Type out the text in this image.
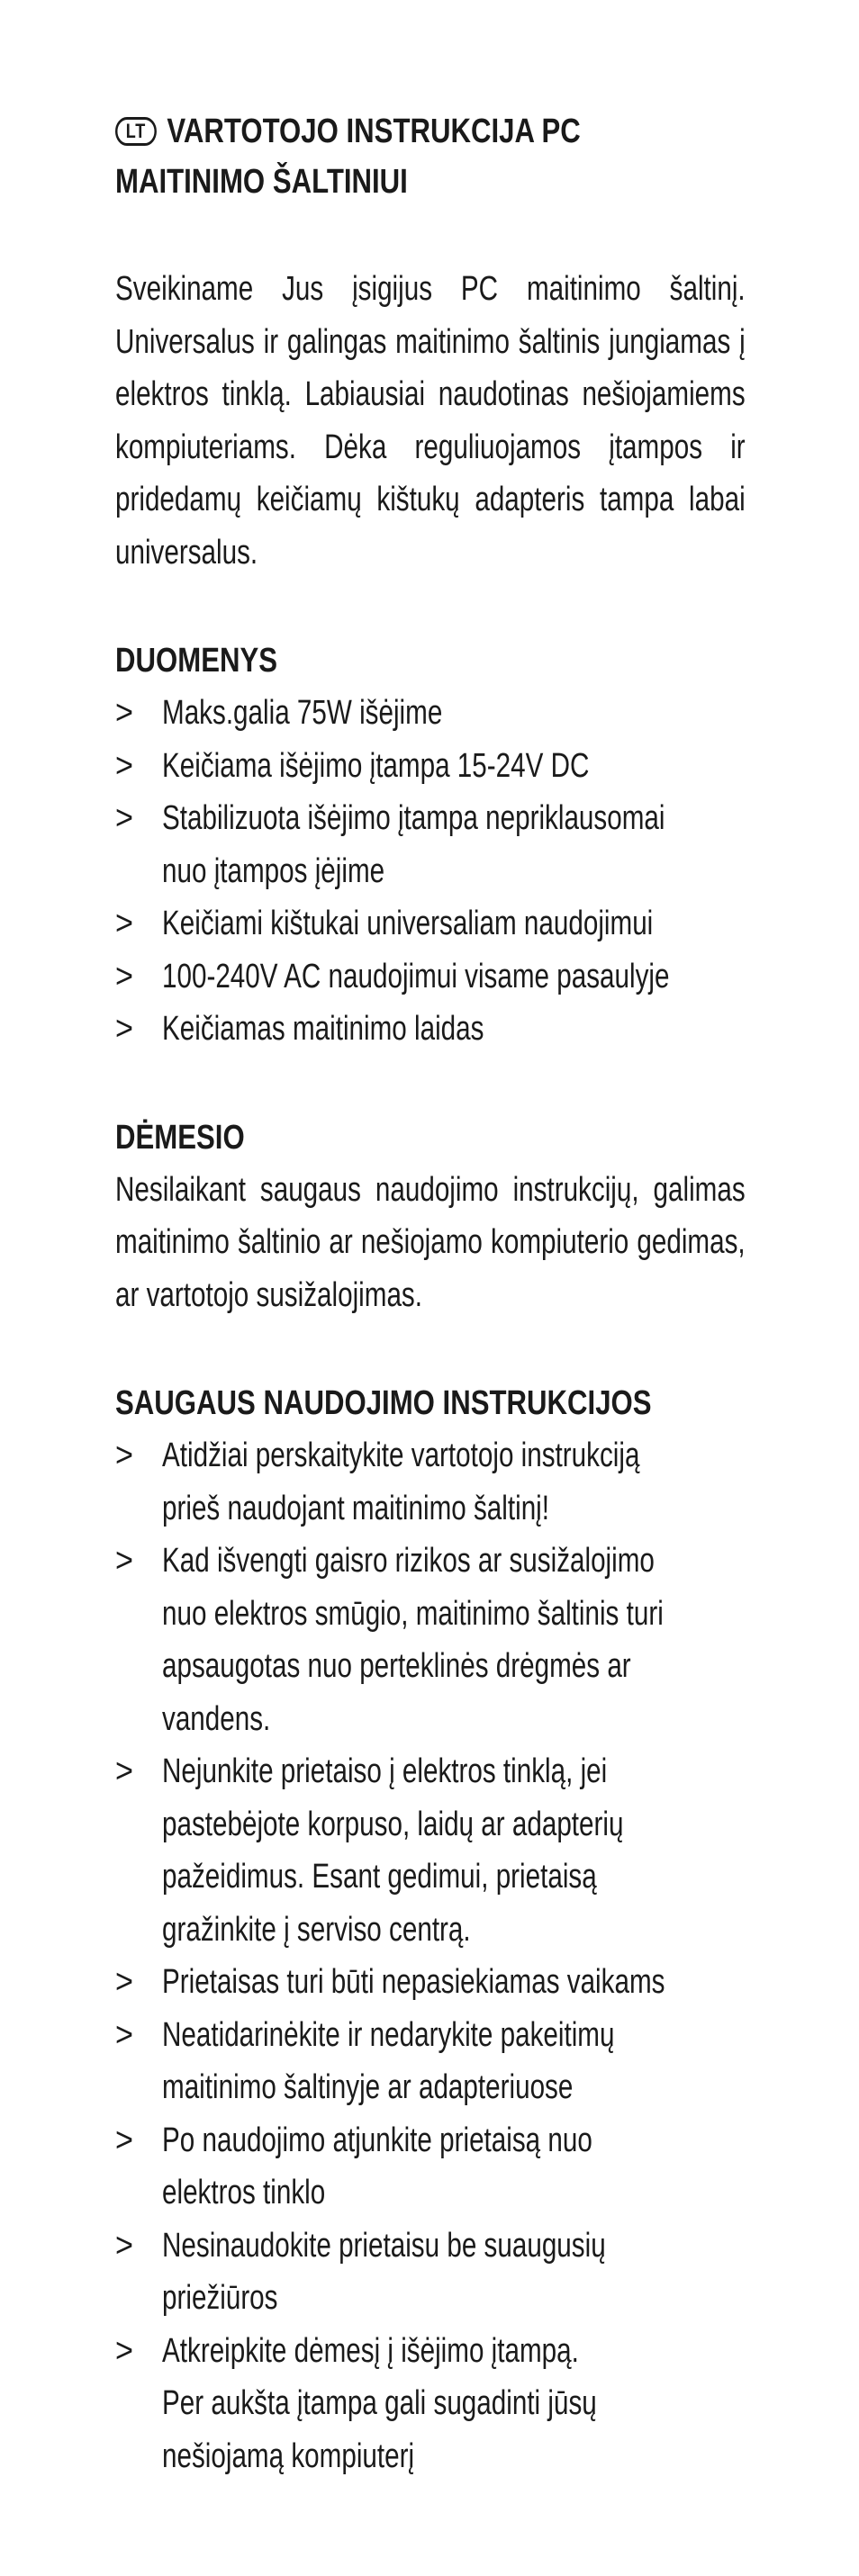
LT VARTOTOJO INSTRUKCIJA PC
MAITINIMO ŠALTINIUI
Sveikiname Jus įsigijus PC maitinimo šaltinį. Universalus ir galingas maitinimo šaltinis jungiamas į elektros tinklą. Labiausiai naudotinas nešiojamiems kompiuteriams. Dėka reguliuojamos įtampos ir pridedamų keičiamų kištukų adapteris tampa labai universalus.
DUOMENYS
> Maks.galia 75W išėjime
> Keičiama išėjimo įtampa 15-24V DC
> Stabilizuota išėjimo įtampa nepriklausomai
nuo įtampos įėjime
> Keičiami kištukai universaliam naudojimui
> 100-240V AC naudojimui visame pasaulyje
> Keičiamas maitinimo laidas
DĖMESIO
Nesilaikant saugaus naudojimo instrukcijų, galimas maitinimo šaltinio ar nešiojamo kompiuterio gedimas, ar vartotojo susižalojimas.
SAUGAUS NAUDOJIMO INSTRUKCIJOS
> Atidžiai perskaitykite vartotojo instrukciją
prieš naudojant maitinimo šaltinį!
> Kad išvengti gaisro rizikos ar susižalojimo
nuo elektros smūgio, maitinimo šaltinis turi
apsaugotas nuo perteklinės drėgmės ar
vandens.
> Nejunkite prietaiso į elektros tinklą, jei
pastebėjote korpuso, laidų ar adapterių
pažeidimus. Esant gedimui, prietaisą
gražinkite į serviso centrą.
> Prietaisas turi būti nepasiekiamas vaikams
> Neatidarinėkite ir nedarykite pakeitimų
maitinimo šaltinyje ar adapteriuose
> Po naudojimo atjunkite prietaisą nuo
elektros tinklo
> Nesinaudokite prietaisu be suaugusių
priežiūros
> Atkreipkite dėmesį į išėjimo įtampą.
Per aukšta įtampa gali sugadinti jūsų
nešiojamą kompiuterį
